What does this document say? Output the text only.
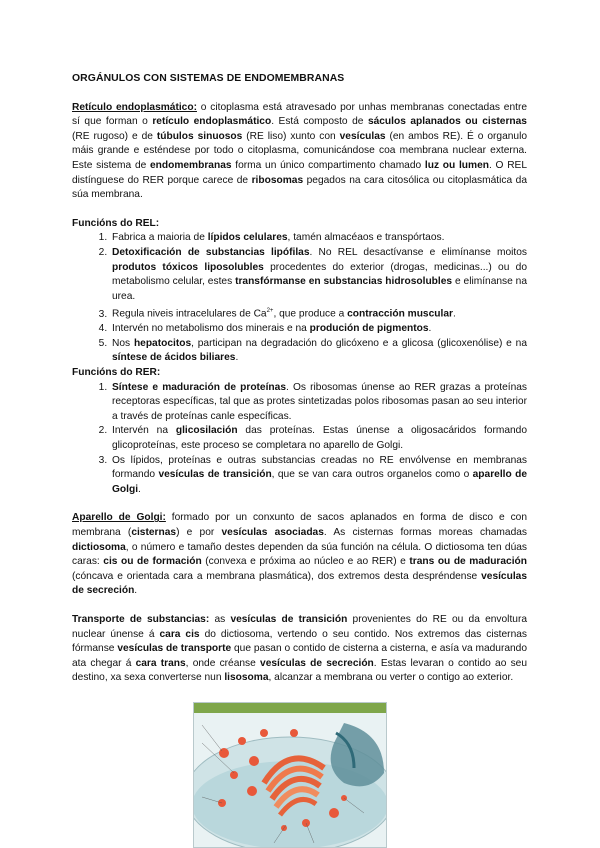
ORGÁNULOS CON SISTEMAS DE ENDOMEMBRANAS

Retículo endoplasmático: o citoplasma está atravesado por unhas membranas conectadas entre sí que forman o retículo endoplasmático. Está composto de sáculos aplanados ou cisternas (RE rugoso) e de túbulos sinuosos (RE liso) xunto con vesículas (en ambos RE). É o organulo máis grande e esténdese por todo o citoplasma, comunicándose coa membrana nuclear externa. Este sistema de endomembranas forma un único compartimento chamado luz ou lumen. O REL distínguese do RER porque carece de ribosomas pegados na cara citosólica ou citoplasmática da súa membrana.

Funcións do REL:

1. Fabrica a maioria de lípidos celulares, tamén almacéaos e transpórtaos.
2. Detoxificación de substancias lipófilas. No REL desactívanse e elimínanse moitos produtos tóxicos liposolubles procedentes do exterior (drogas, medicinas...) ou do metabolismo celular, estes transfórmanse en substancias hidrosolubles e elimínanse na urea.
3. Regula niveis intracelulares de $Ca^{2+}$, que produce a contracción muscular.
4. Intervén no metabolismo dos minerais e na produción de pigmentos.
5. Nos hepatocitos, participan na degradación do glicóxeno e a glicosa (glicoxenólise) e na síntese de ácidos biliares.

Funcións do RER:

1. Síntese e maduración de proteínas. Os ribosomas únense ao RER grazas a proteínas receptoras específicas, tal que as protes sintetizadas polos ribosomas pasan ao seu interior a través de proteínas canle específicas.
2. Intervén na glicosilación das proteínas. Estas únense a oligosacáridos formando glicoproteínas, este proceso se completara no aparello de Golgi.
3. Os lípidos, proteínas e outras substancias creadas no RE envólvense en membranas formando vesículas de transición, que se van cara outros organelos como o aparello de Golgi.

Aparello de Golgi: formado por un conxunto de sacos aplanados en forma de disco e con membrana (cisternas) e por vesículas asociadas. As cisternas formas moreas chamadas dictiosoma, o número e tamaño destes dependen da súa función na célula. O dictiosoma ten dúas caras: cis ou de formación (convexa e próxima ao núcleo e ao RER) e trans ou de maduración (cóncava e orientada cara a membrana plasmática), dos extremos desta despréndense vesículas de secreción.

Transporte de substancias: as vesículas de transición provenientes do RE ou da envoltura nuclear únense á cara cis do dictiosoma, vertendo o seu contido. Nos extremos das cisternas fórmanse vesículas de transporte que pasan o contido de cisterna a cisterna, e asía va madurando ata chegar á cara trans, onde créanse vesículas de secreción. Estas levaran o contido ao seu destino, xa sexa converterse nun lisosoma, alcanzar a membrana ou verter o contigo ao exterior.
